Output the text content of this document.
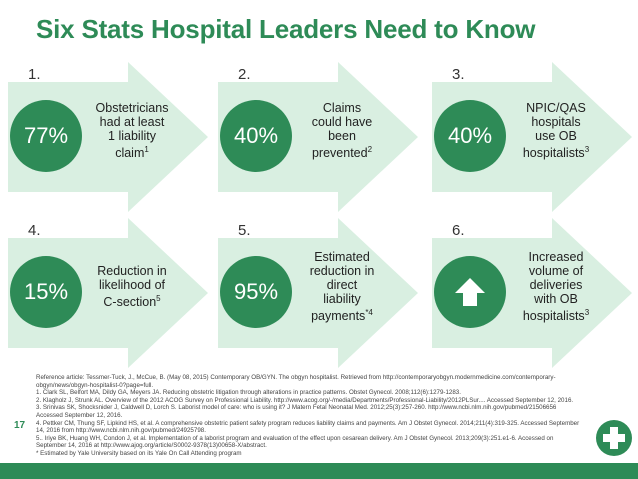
Six Stats Hospital Leaders Need to Know
1.
77%
Obstetricians
had at least
1 liability
claim$^1$
2.
40%
Claims
could have
been
prevented$^2$
3.
40%
NPIC/QAS
hospitals
use OB
hospitalists$^3$
4.
15%
Reduction in
likelihood of
C-section$^5$
5.
95%
Estimated
reduction in
direct
liability
payments$^{*4}$
6.
Increased
volume of
deliveries
with OB
hospitalists$^3$
Reference article: Tessmer-Tuck, J., McCue, B. (May 08, 2015) Contemporary OB/GYN. The obgyn hospitalist. Retrieved from http://contemporaryobgyn.modernmedicine.com/contemporary-
obgyn/news/obgyn-hospitalist-0?page=full.
1. Clark SL, Belfort MA, Dildy GA, Meyers JA. Reducing obstetric litigation through alterations in practice patterns. Obstet Gynecol. 2008;112(6):1279-1283.
2. Klagholz J, Strunk AL. Overview of the 2012 ACOG Survey on Professional Liability. http://www.acog.org/-/media/Departments/Professional-Liability/2012PLSur.... Accessed September 12, 2016.
3. Srinivas SK, Shocksnider J, Caldwell D, Lorch S. Laborist model of care: who is using it? J Matern Fetal Neonatal Med. 2012;25(3):257-260. http://www.ncbi.nlm.nih.gov/pubmed/21506656
Accessed September 12, 2016.
4. Pettker CM, Thung SF, Lipkind HS, et al. A comprehensive obstetric patient safety program reduces liability claims and payments. Am J Obstet Gynecol. 2014;211(4):319-325. Accessed September
14, 2016 from http://www.ncbi.nlm.nih.gov/pubmed/24925798.
5.. Iriye BK, Huang WH, Condon J, et al. Implementation of a laborist program and evaluation of the effect upon cesarean delivery. Am J Obstet Gynecol. 2013;209(3):251.e1-6. Accessed on
September 14, 2016 at http://www.ajog.org/article/S0002-9378(13)00658-X/abstract.
* Estimated by Yale University based on its Yale On Call Attending program
17
